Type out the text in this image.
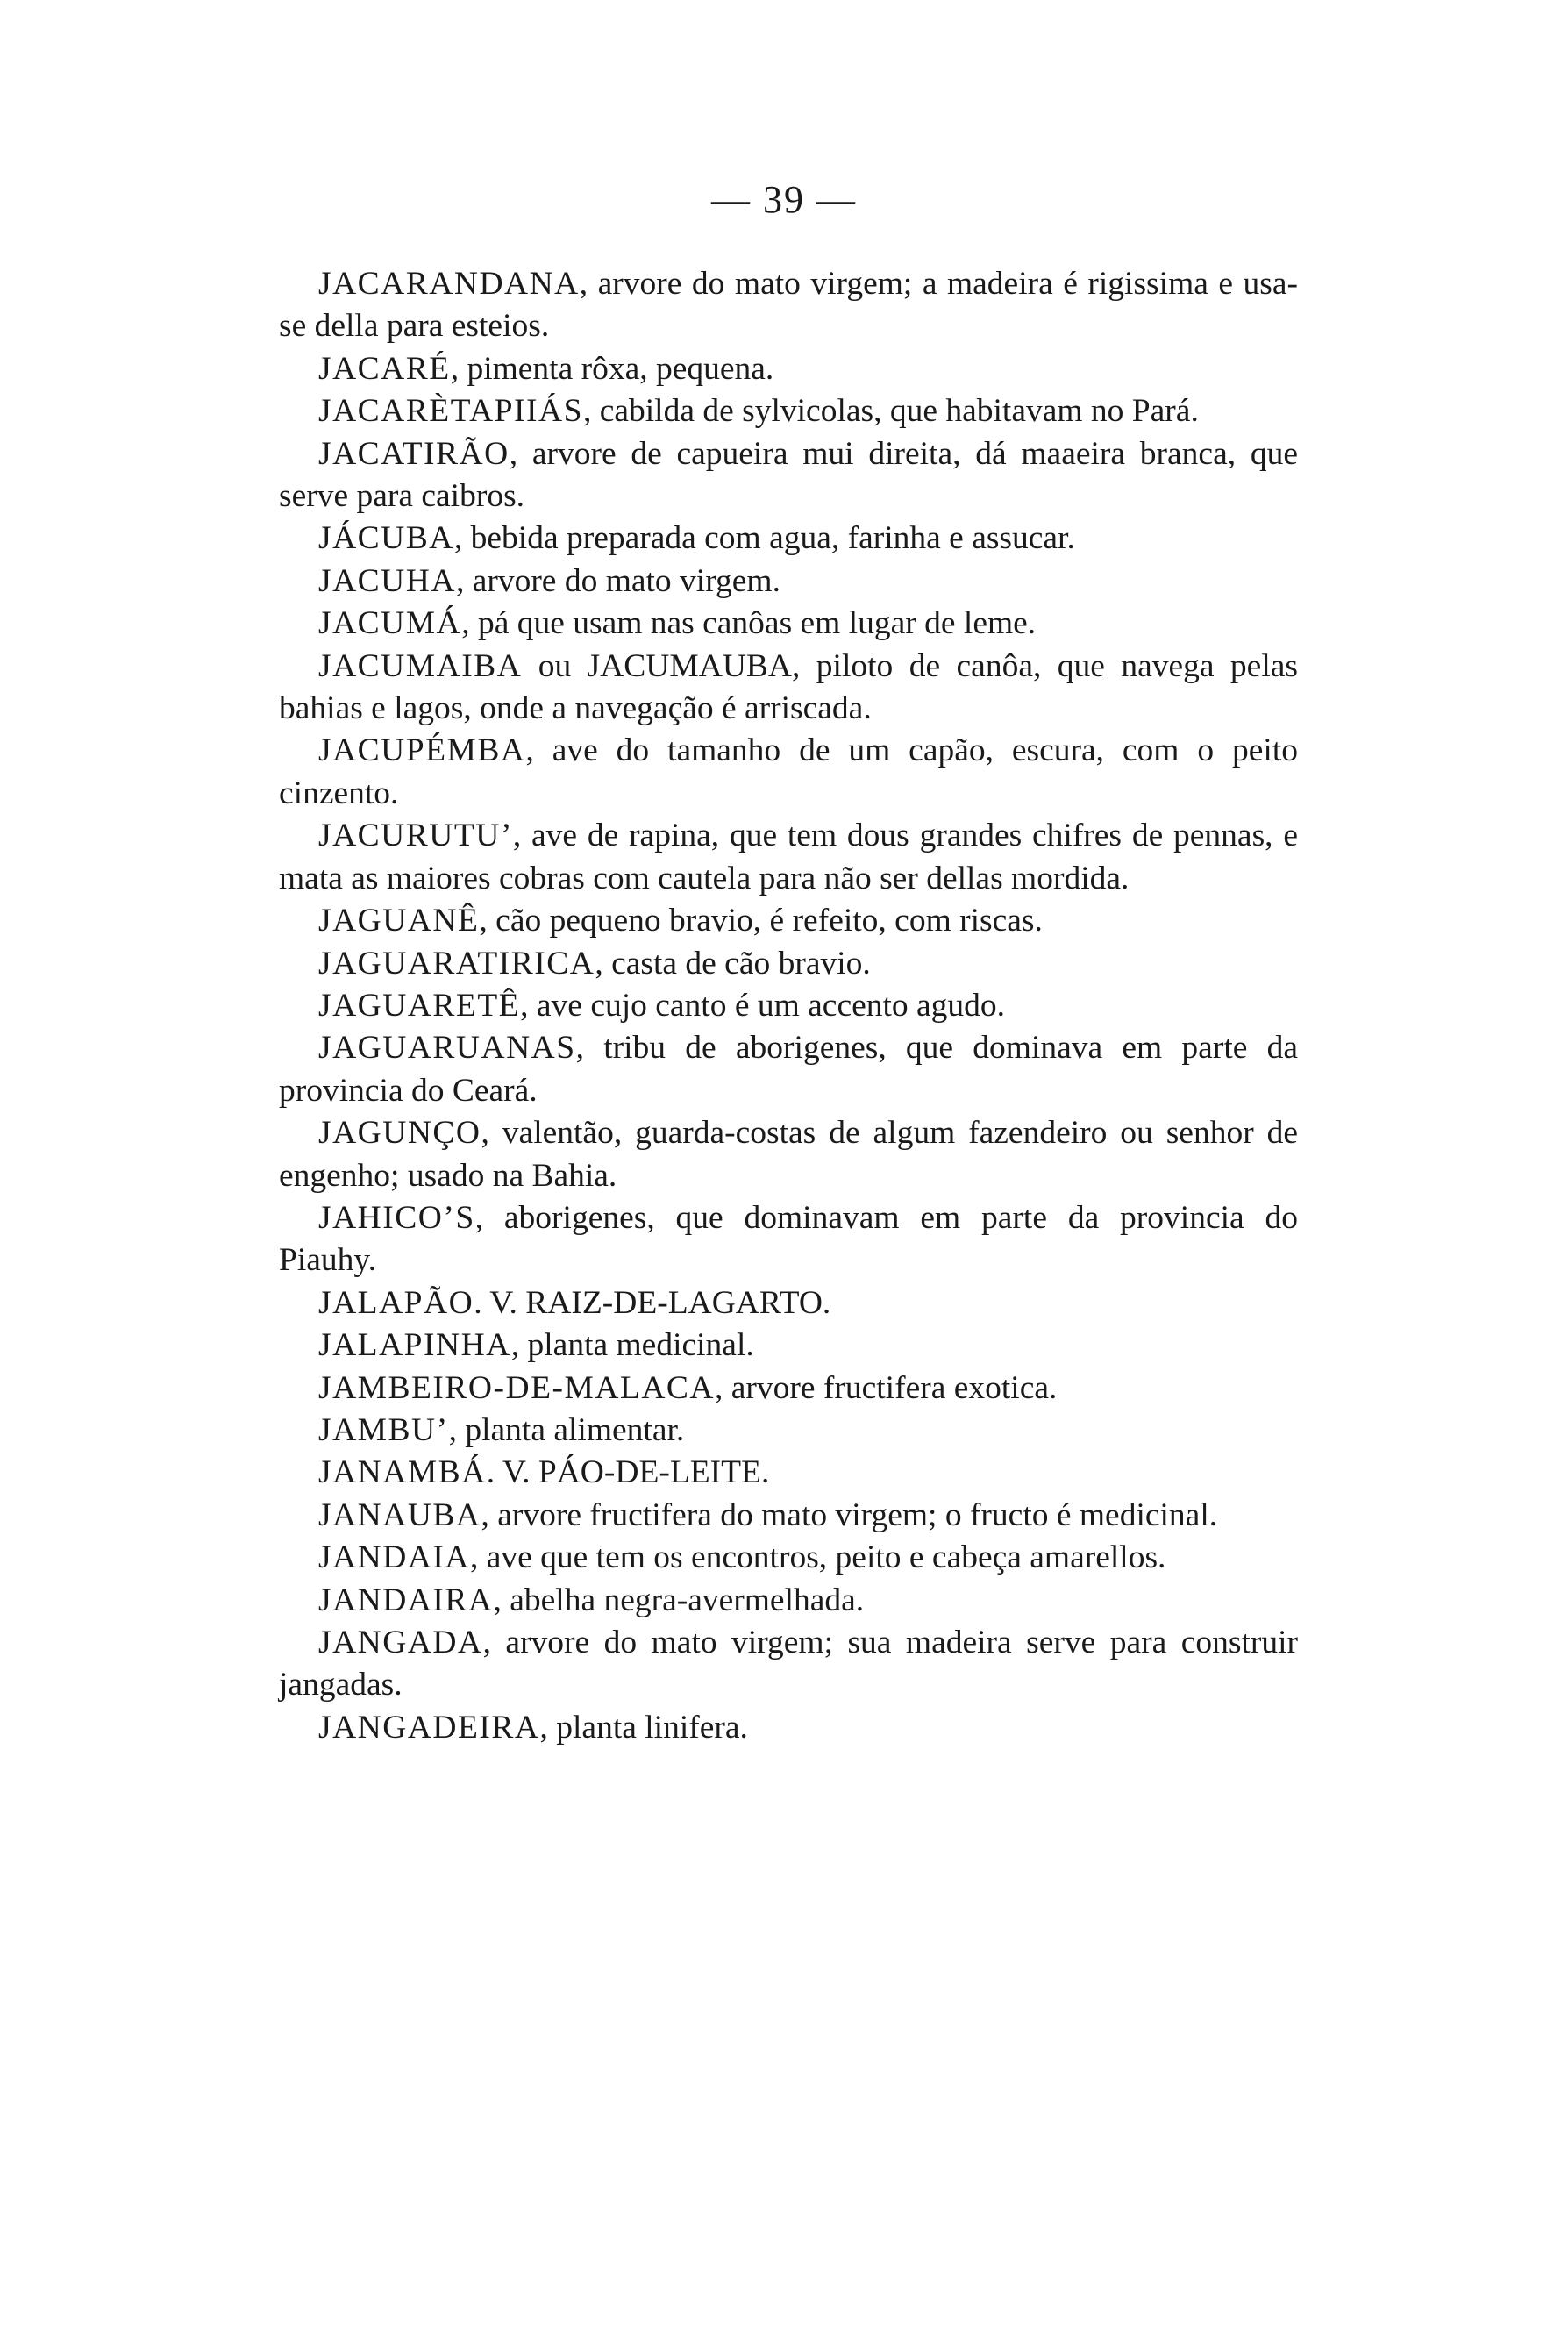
— 39 —

JACARANDANA, arvore do mato virgem; a madeira é rigissima e usa-se della para esteios.

JACARÉ, pimenta rôxa, pequena.

JACARÈTAPIIÁS, cabilda de sylvicolas, que habitavam no Pará.

JACATIRÃO, arvore de capueira mui direita, dá maaeira branca, que serve para caibros.

JÁCUBA, bebida preparada com agua, farinha e assucar.

JACUHA, arvore do mato virgem.

JACUMÁ, pá que usam nas canôas em lugar de leme.

JACUMAIBA ou JACUMAUBA, piloto de canôa, que navega pelas bahias e lagos, onde a navegação é arriscada.

JACUPÉMBA, ave do tamanho de um capão, escura, com o peito cinzento.

JACURUTU’, ave de rapina, que tem dous grandes chifres de pennas, e mata as maiores cobras com cautela para não ser dellas mordida.

JAGUANÊ, cão pequeno bravio, é refeito, com riscas.

JAGUARATIRICA, casta de cão bravio.

JAGUARETÊ, ave cujo canto é um accento agudo.

JAGUARUANAS, tribu de aborigenes, que dominava em parte da provincia do Ceará.

JAGUNÇO, valentão, guarda-costas de algum fazendeiro ou senhor de engenho; usado na Bahia.

JAHICO’S, aborigenes, que dominavam em parte da provincia do Piauhy.

JALAPÃO. V. RAIZ-DE-LAGARTO.

JALAPINHA, planta medicinal.

JAMBEIRO-DE-MALACA, arvore fructifera exotica.

JAMBU’, planta alimentar.

JANAMBÁ. V. PÁO-DE-LEITE.

JANAUBA, arvore fructifera do mato virgem; o fructo é medicinal.

JANDAIA, ave que tem os encontros, peito e cabeça amarellos.

JANDAIRA, abelha negra-avermelhada.

JANGADA, arvore do mato virgem; sua madeira serve para construir jangadas.

JANGADEIRA, planta linifera.
